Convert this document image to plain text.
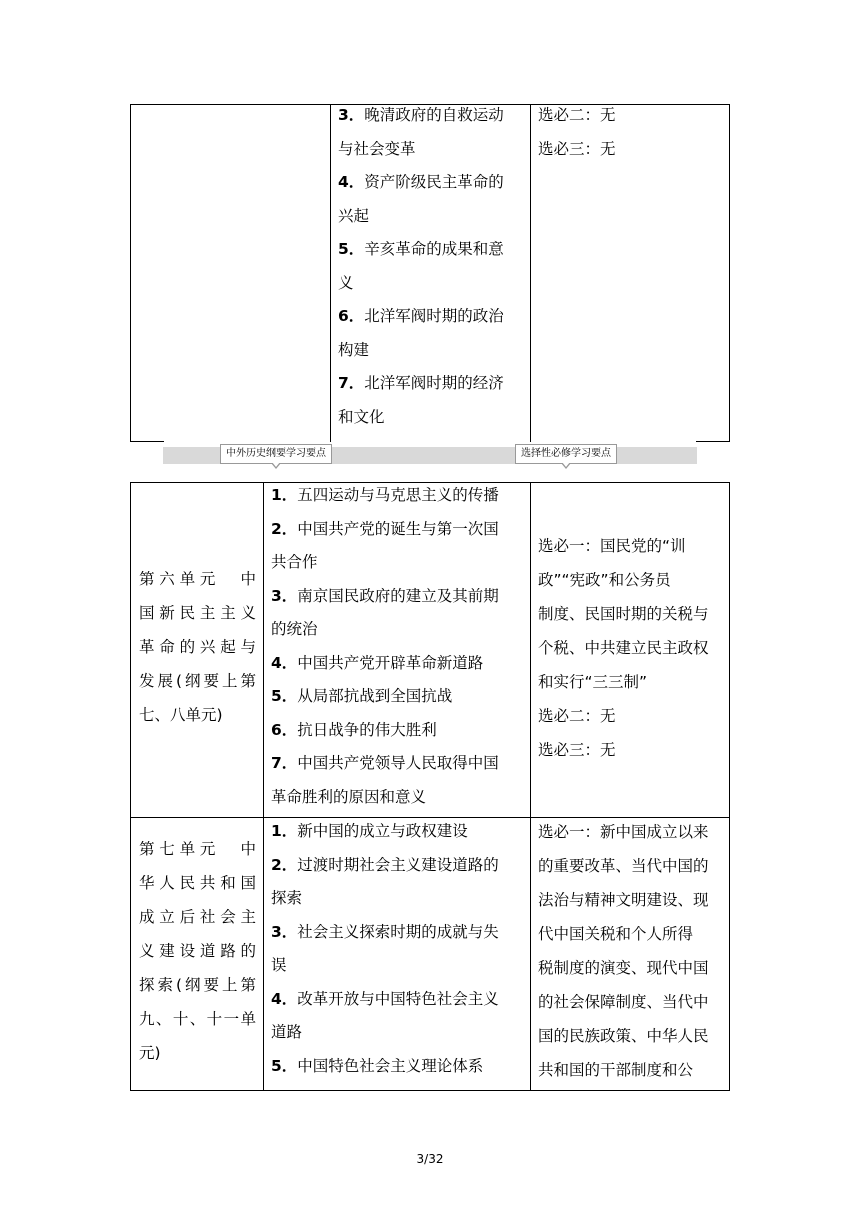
3．晚清政府的自救运动
与社会变革
4．资产阶级民主革命的
兴起
5．辛亥革命的成果和意
义
6．北洋军阀时期的政治
构建
7．北洋军阀时期的经济
和文化
选必二：无
选必三：无
中外历史纲要学习要点	选择性必修学习要点
第六单元　中
国新民主主义
革命的兴起与
发展(纲要上第
七、八单元)
1．五四运动与马克思主义的传播
2．中国共产党的诞生与第一次国
共合作
3．南京国民政府的建立及其前期
的统治
4．中国共产党开辟革命新道路
5．从局部抗战到全国抗战
6．抗日战争的伟大胜利
7．中国共产党领导人民取得中国
革命胜利的原因和意义
选必一：国民党的“训
政”“宪政”和公务员
制度、民国时期的关税与
个税、中共建立民主政权
和实行“三三制”
选必二：无
选必三：无
第七单元　中
华人民共和国
成立后社会主
义建设道路的
探索(纲要上第
九、十、十一单
元)
1．新中国的成立与政权建设
2．过渡时期社会主义建设道路的
探索
3．社会主义探索时期的成就与失
误
4．改革开放与中国特色社会主义
道路
5．中国特色社会主义理论体系
选必一：新中国成立以来
的重要改革、当代中国的
法治与精神文明建设、现
代中国关税和个人所得
税制度的演变、现代中国
的社会保障制度、当代中
国的民族政策、中华人民
共和国的干部制度和公
3/32
